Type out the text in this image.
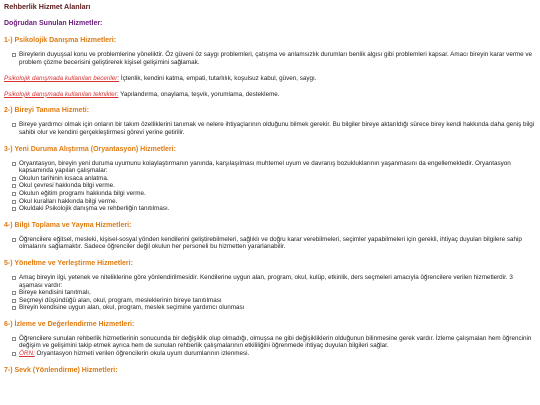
Rehberlik Hizmet Alanları
Doğrudan Sunulan Hizmetler:
1-) Psikolojik Danışma Hizmetleri:
Bireylerin duyuşsal konu ve problemlerine yöneliktir. Öz güveni öz saygı problemleri, çatışma ve anlamsızlık durumları benlik algısı gibi problemleri kapsar. Amacı bireyin karar verme ve problem çözme becerisini geliştirerek kişisel gelişimini sağlamak.
Psikolojik danışmada kullanılan beceriler: İçtenlik, kendini katma, empati, tutarlılık, koşulsuz kabul, güven, saygı.
Psikolojik danışmada kullanılan teknikler: Yapılandırma, onaylama, teşvik, yorumlama, destekleme.
2-) Bireyi Tanıma Hizmeti:
Bireye yardımcı olmak için onların bir takım özelliklerini tanımak ve nelere ihtiyaçlarının olduğunu bilmek gerekir. Bu bilgiler bireye aktarıldığı sürece birey kendi hakkında daha geniş bilgi sahibi olur ve kendini gerçekleştirmesi görevi yerine getirilir.
3-) Yeni Duruma Alıştırma (Oryantasyon) Hizmetleri:
Oryantasyon, bireyin yeni duruma uyumunu kolaylaştırmanın yanında, karşılaşılması muhtemel uyum ve davranış bozukluklarının yaşanmasını da engellemektedir. Oryantasyon kapsamında yapılan çalışmalar:
Okulun tarihinin kısaca anlatma.
Okul çevresi hakkında bilgi verme.
Okulun eğitim programı hakkında bilgi verme.
Okul kuralları hakkında bilgi verme.
Okuldaki Psikolojik danışma ve rehberliğin tanıtılması.
4-) Bilgi Toplama ve Yayma Hizmetleri:
Öğrencilere eğitsel, mesleki, kişisel-sosyal yönden kendilerini geliştirebilmeleri, sağlıklı ve doğru karar verebilmeleri, seçimler yapabilmeleri için gerekli, ihtiyaç duyulan bilgilere sahip olmalarını sağlamaktır. Sadece öğrenciler değil okulun her personeli bu hizmetten yararlanabilir.
5-) Yöneltme ve Yerleştirme Hizmetleri:
Amaç bireyin ilgi, yetenek ve niteliklerine göre yönlendirilmesidir. Kendilerine uygun alan, program, okul, kulüp, etkinlik, ders seçmeleri amacıyla öğrencilere verilen hizmetlerdir. 3 aşaması vardır:
Bireye kendisini tanıtmalı,
Seçmeyi düşündüğü alan, okul, program, mesleklerinin bireye tanıtılması
Bireyin kendisine uygun alan, okul, program, meslek seçimine yardımcı olunması
6-) İzleme ve Değerlendirme Hizmetleri:
Öğrencilere sunulan rehberlik hizmetlerinin sonucunda bir değişiklik olup olmadığı, olmuşsa ne gibi değişikliklerin olduğunun bilinmesine gerek vardır. İzleme çalışmaları hem öğrencinin değişim ve gelişimini takip etmek ayrıca hem de sunulan rehberlik çalışmalarının etkililiğini öğrenmede ihtiyaç duyulan bilgileri sağlar.
ÖRN: Oryantasyon hizmeti verilen öğrencilerin okula uyum durumlarının izlenmesi.
7-) Sevk (Yönlendirme) Hizmetleri:
